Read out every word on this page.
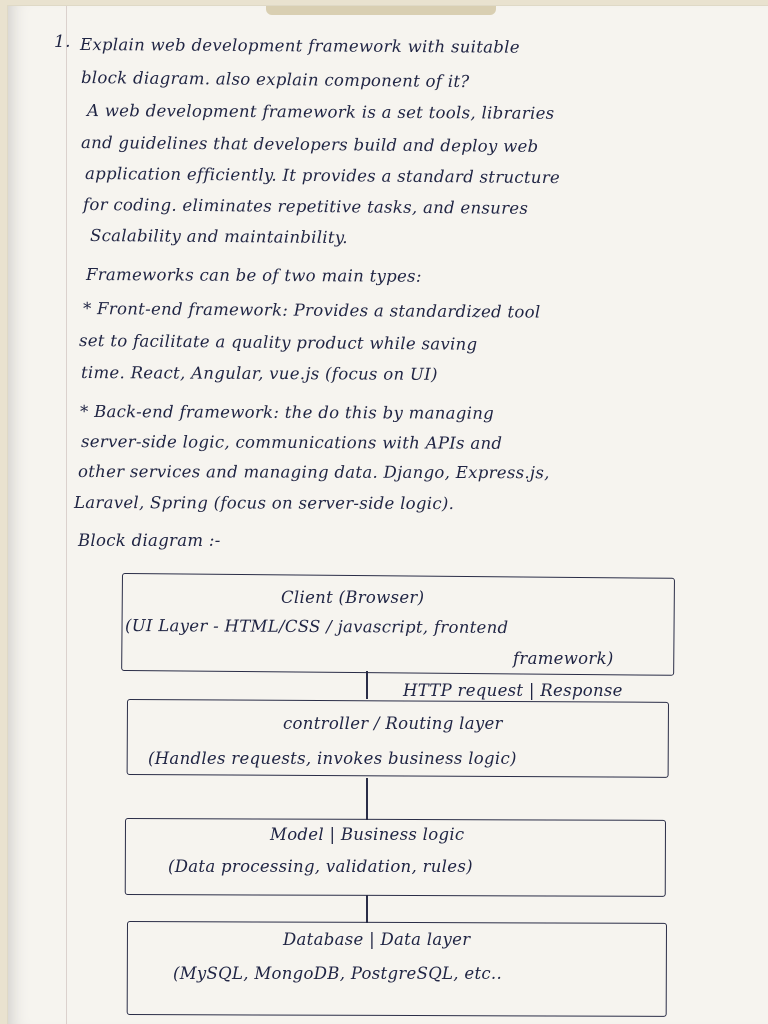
1. Explain web development framework with suitable
block diagram. also explain component of it?
A web development framework is a set tools, libraries
and guidelines that developers build and deploy web
application efficiently. It provides a standard structure
for coding. eliminates repetitive tasks, and ensures
Scalability and maintainbility.
Frameworks can be of two main types:
* Front-end framework: Provides a standardized tool
set to facilitate a quality product while saving
time. React, Angular, vue.js (focus on UI)
* Back-end framework: the do this by managing
server-side logic, communications with APIs and
other services and managing data. Django, Express.js,
Laravel, Spring (focus on server-side logic).
Block diagram :-
Client (Browser)
(UI Layer - HTML/CSS / javascript, frontend
framework)
HTTP request | Response
controller / Routing layer
(Handles requests, invokes business logic)
Model | Business logic
(Data processing, validation, rules)
Database | Data layer
(MySQL, MongoDB, PostgreSQL, etc..
